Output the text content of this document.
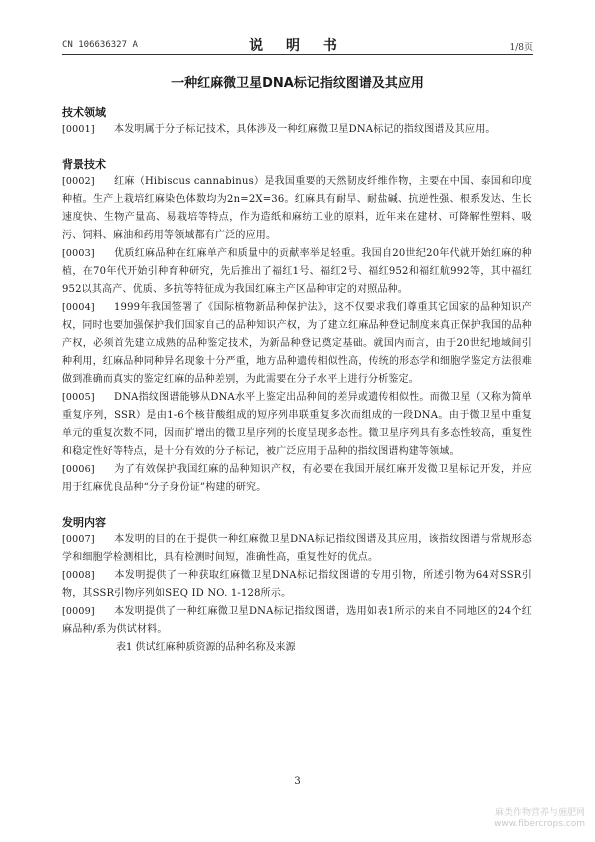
CN 106636327 A	说 明 书	1/8页
一种红麻微卫星DNA标记指纹图谱及其应用

技术领域

[0001] 本发明属于分子标记技术，具体涉及一种红麻微卫星DNA标记的指纹图谱及其应用。

背景技术

[0002] 红麻（Hibiscus cannabinus）是我国重要的天然韧皮纤维作物，主要在中国、泰国和印度种植。生产上栽培红麻染色体数均为2n=2X=36。红麻具有耐旱、耐盐碱、抗逆性强、根系发达、生长速度快、生物产量高、易栽培等特点，作为造纸和麻纺工业的原料，近年来在建材、可降解性塑料、吸污、饲料、麻油和药用等领域都有广泛的应用。

[0003] 优质红麻品种在红麻单产和质量中的贡献率举足轻重。我国自20世纪20年代就开始红麻的种植，在70年代开始引种育种研究，先后推出了福红1号、福红2号、福红952和福红航992等，其中福红952以其高产、优质、多抗等特征成为我国红麻主产区品种审定的对照品种。

[0004] 1999年我国签署了《国际植物新品种保护法》，这不仅要求我们尊重其它国家的品种知识产权，同时也要加强保护我们国家自己的品种知识产权，为了建立红麻品种登记制度来真正保护我国的品种产权，必须首先建立成熟的品种鉴定技术，为新品种登记奠定基础。就国内而言，由于20世纪地域间引种利用，红麻品种同种异名现象十分严重，地方品种遗传相似性高，传统的形态学和细胞学鉴定方法很难做到准确而真实的鉴定红麻的品种差别，为此需要在分子水平上进行分析鉴定。

[0005] DNA指纹图谱能够从DNA水平上鉴定出品种间的差异或遗传相似性。而微卫星（又称为简单重复序列，SSR）是由1-6个核苷酸组成的短序列串联重复多次而组成的一段DNA。由于微卫星中重复单元的重复次数不同，因而扩增出的微卫星序列的长度呈现多态性。微卫星序列具有多态性较高，重复性和稳定性好等特点，是十分有效的分子标记，被广泛应用于品种的指纹图谱构建等领域。

[0006] 为了有效保护我国红麻的品种知识产权，有必要在我国开展红麻开发微卫星标记开发，并应用于红麻优良品种“分子身份证”构建的研究。

发明内容

[0007] 本发明的目的在于提供一种红麻微卫星DNA标记指纹图谱及其应用，该指纹图谱与常规形态学和细胞学检测相比，具有检测时间短，准确性高，重复性好的优点。

[0008] 本发明提供了一种获取红麻微卫星DNA标记指纹图谱的专用引物，所述引物为64对SSR引物，其SSR引物序列如SEQ ID NO. 1-128所示。

[0009] 本发明提供了一种红麻微卫星DNA标记指纹图谱，选用如表1所示的来自不同地区的24个红麻品种/系为供试材料。

表1 供试红麻种质资源的品种名称及来源

3
麻类作物营养与施肥网
www.fibercrops.com
